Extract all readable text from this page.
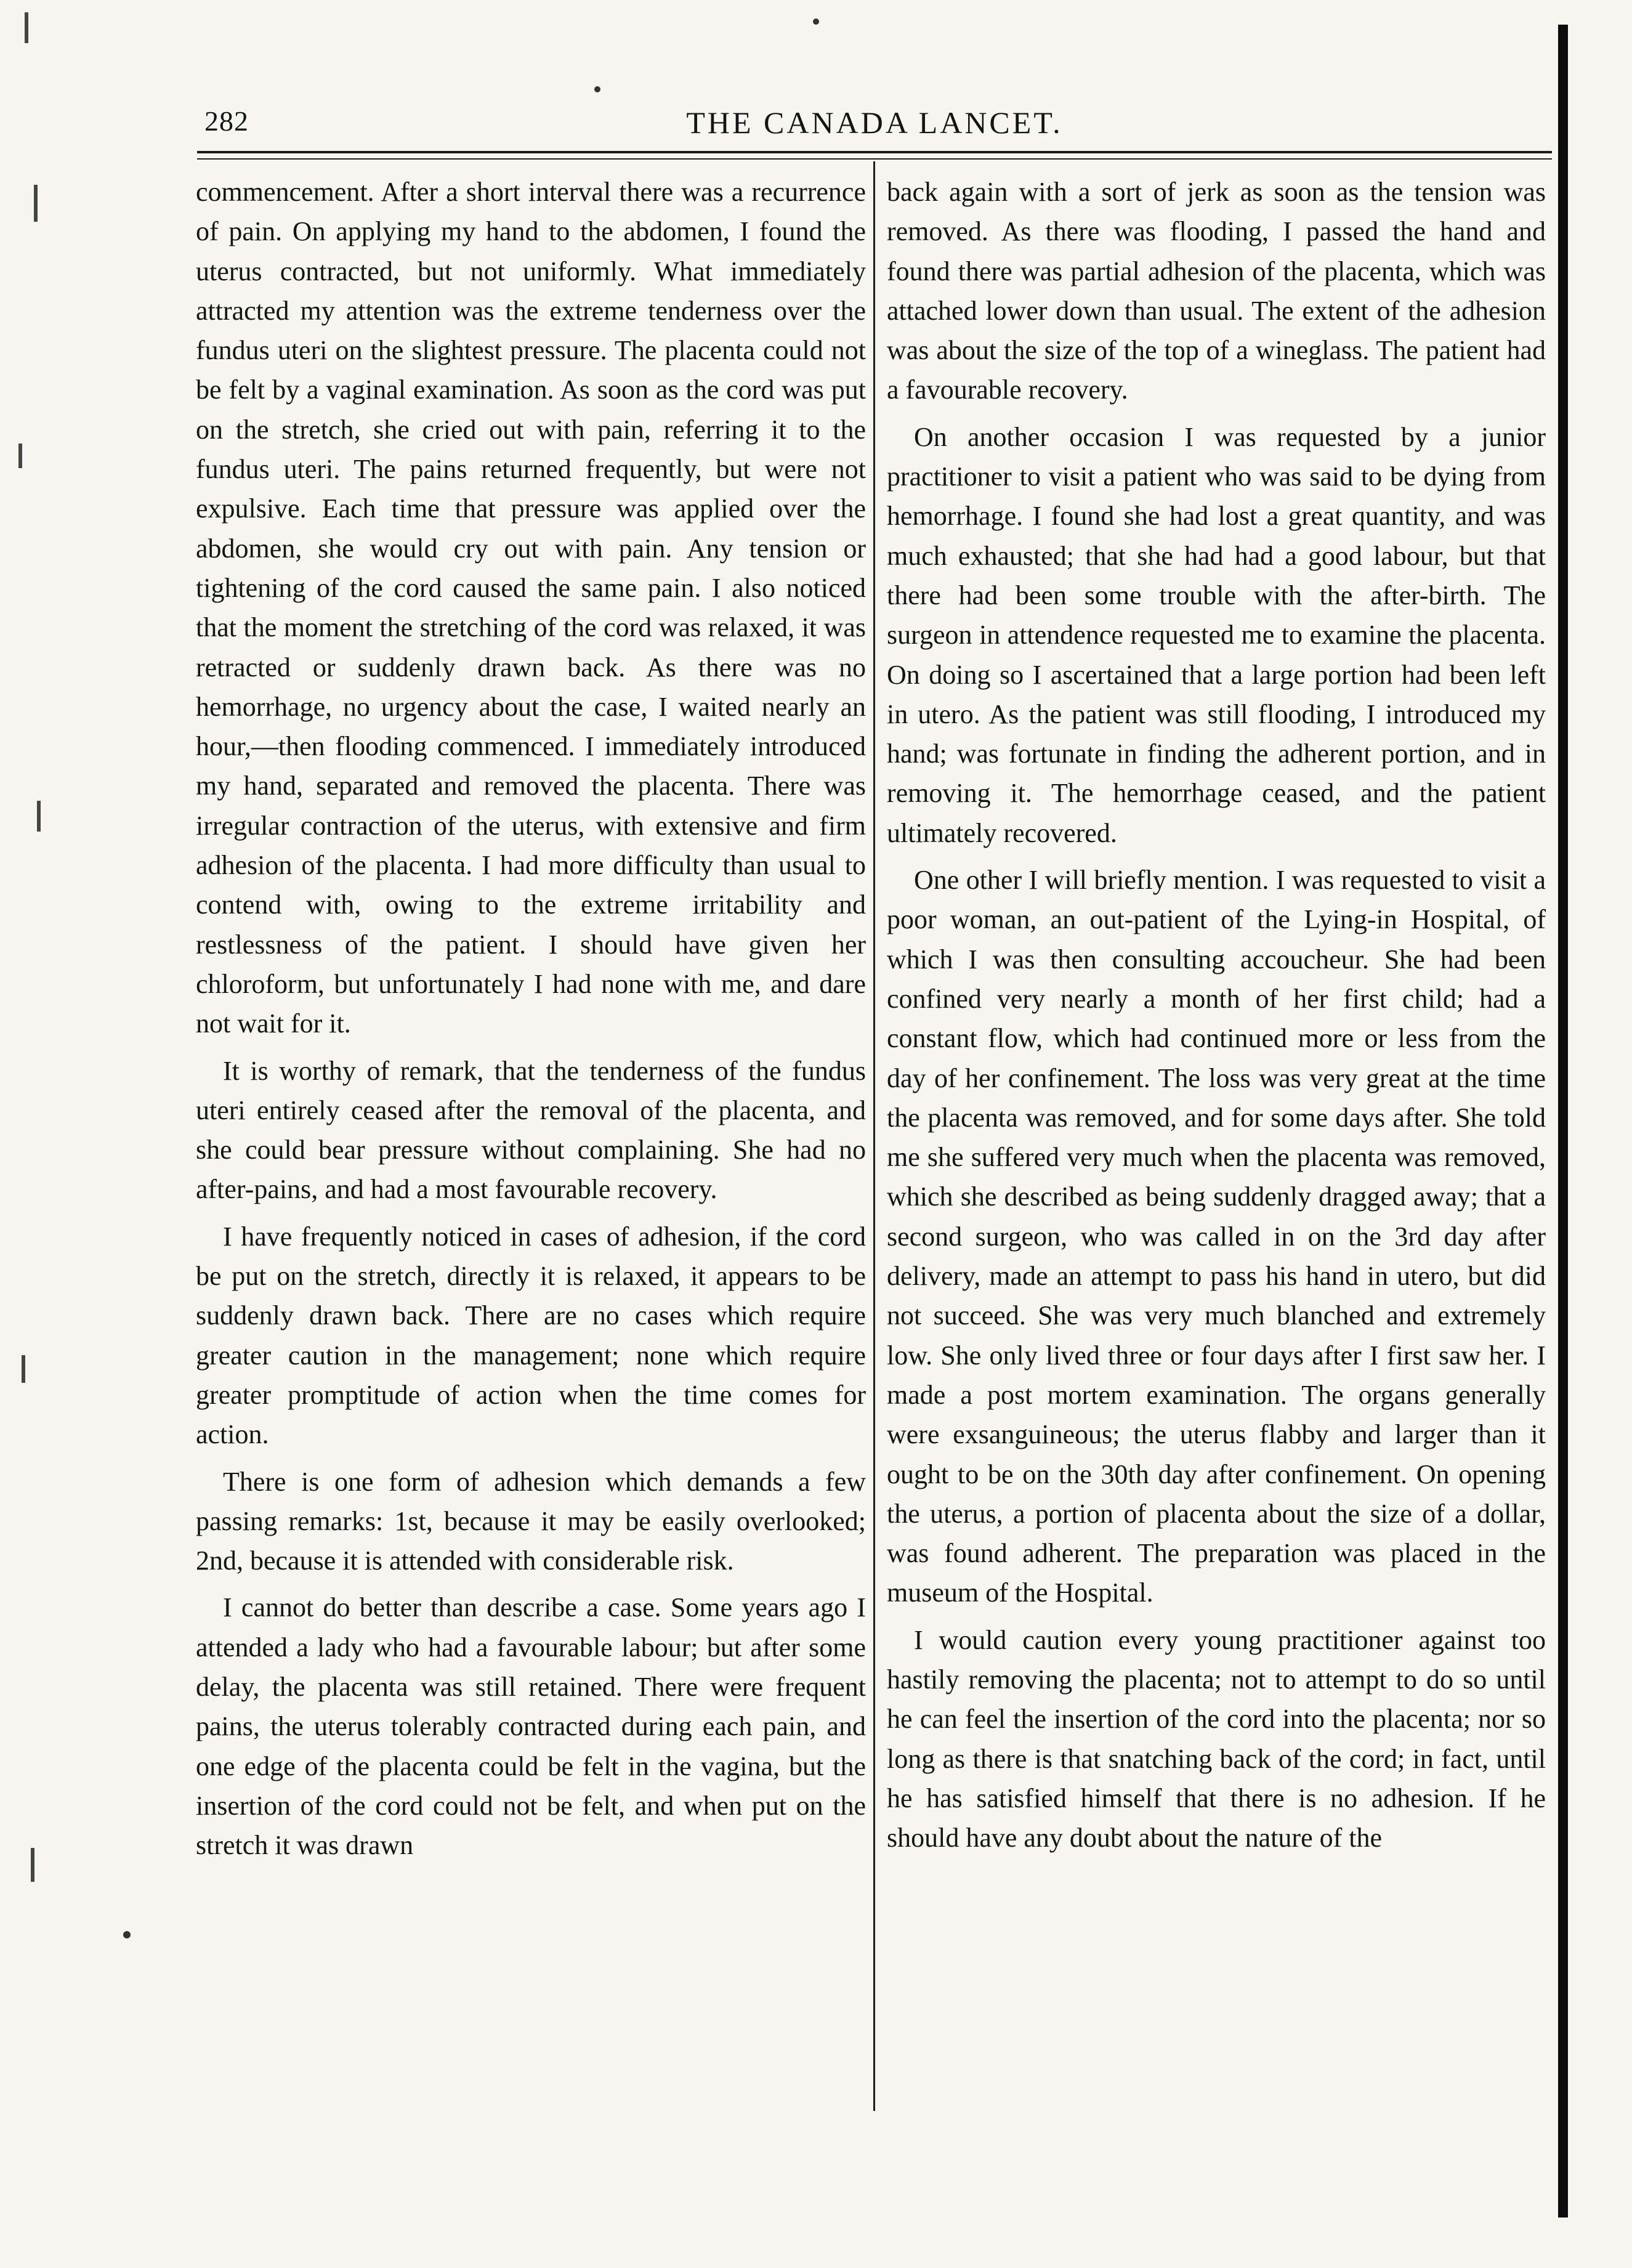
282	THE CANADA LANCET.

commencement. After a short interval there was a recurrence of pain. On applying my hand to the abdomen, I found the uterus contracted, but not uniformly. What immediately attracted my attention was the extreme tenderness over the fundus uteri on the slightest pressure. The placenta could not be felt by a vaginal examination. As soon as the cord was put on the stretch, she cried out with pain, referring it to the fundus uteri. The pains returned frequently, but were not expulsive. Each time that pressure was applied over the abdomen, she would cry out with pain. Any tension or tightening of the cord caused the same pain. I also noticed that the moment the stretching of the cord was relaxed, it was retracted or suddenly drawn back. As there was no hemorrhage, no urgency about the case, I waited nearly an hour,—then flooding commenced. I immediately introduced my hand, separated and removed the placenta. There was irregular contraction of the uterus, with extensive and firm adhesion of the placenta. I had more difficulty than usual to contend with, owing to the extreme irritability and restlessness of the patient. I should have given her chloroform, but unfortunately I had none with me, and dare not wait for it.

It is worthy of remark, that the tenderness of the fundus uteri entirely ceased after the removal of the placenta, and she could bear pressure without complaining. She had no after-pains, and had a most favourable recovery.

I have frequently noticed in cases of adhesion, if the cord be put on the stretch, directly it is relaxed, it appears to be suddenly drawn back. There are no cases which require greater caution in the management; none which require greater promptitude of action when the time comes for action.

There is one form of adhesion which demands a few passing remarks: 1st, because it may be easily overlooked; 2nd, because it is attended with considerable risk.

I cannot do better than describe a case. Some years ago I attended a lady who had a favourable labour; but after some delay, the placenta was still retained. There were frequent pains, the uterus tolerably contracted during each pain, and one edge of the placenta could be felt in the vagina, but the insertion of the cord could not be felt, and when put on the stretch it was drawn

back again with a sort of jerk as soon as the tension was removed. As there was flooding, I passed the hand and found there was partial adhesion of the placenta, which was attached lower down than usual. The extent of the adhesion was about the size of the top of a wineglass. The patient had a favourable recovery.

On another occasion I was requested by a junior practitioner to visit a patient who was said to be dying from hemorrhage. I found she had lost a great quantity, and was much exhausted; that she had had a good labour, but that there had been some trouble with the after-birth. The surgeon in attendence requested me to examine the placenta. On doing so I ascertained that a large portion had been left in utero. As the patient was still flooding, I introduced my hand; was fortunate in finding the adherent portion, and in removing it. The hemorrhage ceased, and the patient ultimately recovered.

One other I will briefly mention. I was requested to visit a poor woman, an out-patient of the Lying-in Hospital, of which I was then consulting accoucheur. She had been confined very nearly a month of her first child; had a constant flow, which had continued more or less from the day of her confinement. The loss was very great at the time the placenta was removed, and for some days after. She told me she suffered very much when the placenta was removed, which she described as being suddenly dragged away; that a second surgeon, who was called in on the 3rd day after delivery, made an attempt to pass his hand in utero, but did not succeed. She was very much blanched and extremely low. She only lived three or four days after I first saw her. I made a post mortem examination. The organs generally were exsanguineous; the uterus flabby and larger than it ought to be on the 30th day after confinement. On opening the uterus, a portion of placenta about the size of a dollar, was found adherent. The preparation was placed in the museum of the Hospital.

I would caution every young practitioner against too hastily removing the placenta; not to attempt to do so until he can feel the insertion of the cord into the placenta; nor so long as there is that snatching back of the cord; in fact, until he has satisfied himself that there is no adhesion. If he should have any doubt about the nature of the
